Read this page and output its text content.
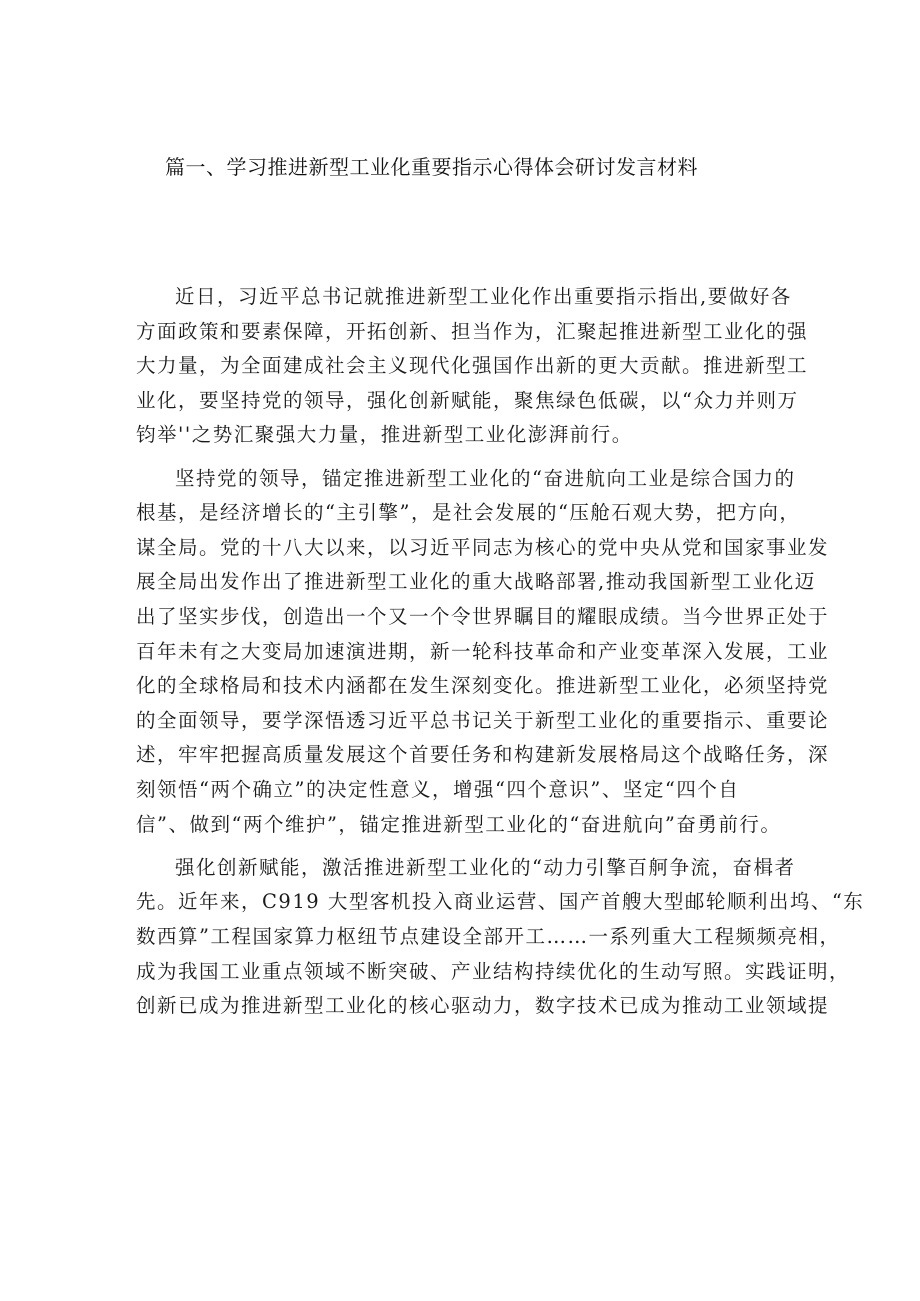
篇一、学习推进新型工业化重要指示心得体会研讨发言材料
近日，习近平总书记就推进新型工业化作出重要指示指出,要做好各
方面政策和要素保障，开拓创新、担当作为，汇聚起推进新型工业化的强
大力量，为全面建成社会主义现代化强国作出新的更大贡献。推进新型工
业化，要坚持党的领导，强化创新赋能，聚焦绿色低碳，以“众力并则万
钧举''之势汇聚强大力量，推进新型工业化澎湃前行。
坚持党的领导，锚定推进新型工业化的“奋进航向工业是综合国力的
根基，是经济增长的“主引擎”，是社会发展的“压舱石观大势，把方向，
谋全局。党的十八大以来，以习近平同志为核心的党中央从党和国家事业发
展全局出发作出了推进新型工业化的重大战略部署,推动我国新型工业化迈
出了坚实步伐，创造出一个又一个令世界瞩目的耀眼成绩。当今世界正处于
百年未有之大变局加速演进期，新一轮科技革命和产业变革深入发展，工业
化的全球格局和技术内涵都在发生深刻变化。推进新型工业化，必须坚持党
的全面领导，要学深悟透习近平总书记关于新型工业化的重要指示、重要论
述，牢牢把握高质量发展这个首要任务和构建新发展格局这个战略任务，深
刻领悟“两个确立”的决定性意义，增强“四个意识”、坚定“四个自
信”、做到“两个维护”，锚定推进新型工业化的“奋进航向”奋勇前行。
强化创新赋能，激活推进新型工业化的“动力引擎百舸争流，奋楫者
先。近年来，C919 大型客机投入商业运营、国产首艘大型邮轮顺利出坞、“东
数西算”工程国家算力枢纽节点建设全部开工……一系列重大工程频频亮相，
成为我国工业重点领域不断突破、产业结构持续优化的生动写照。实践证明，
创新已成为推进新型工业化的核心驱动力，数字技术已成为推动工业领域提
